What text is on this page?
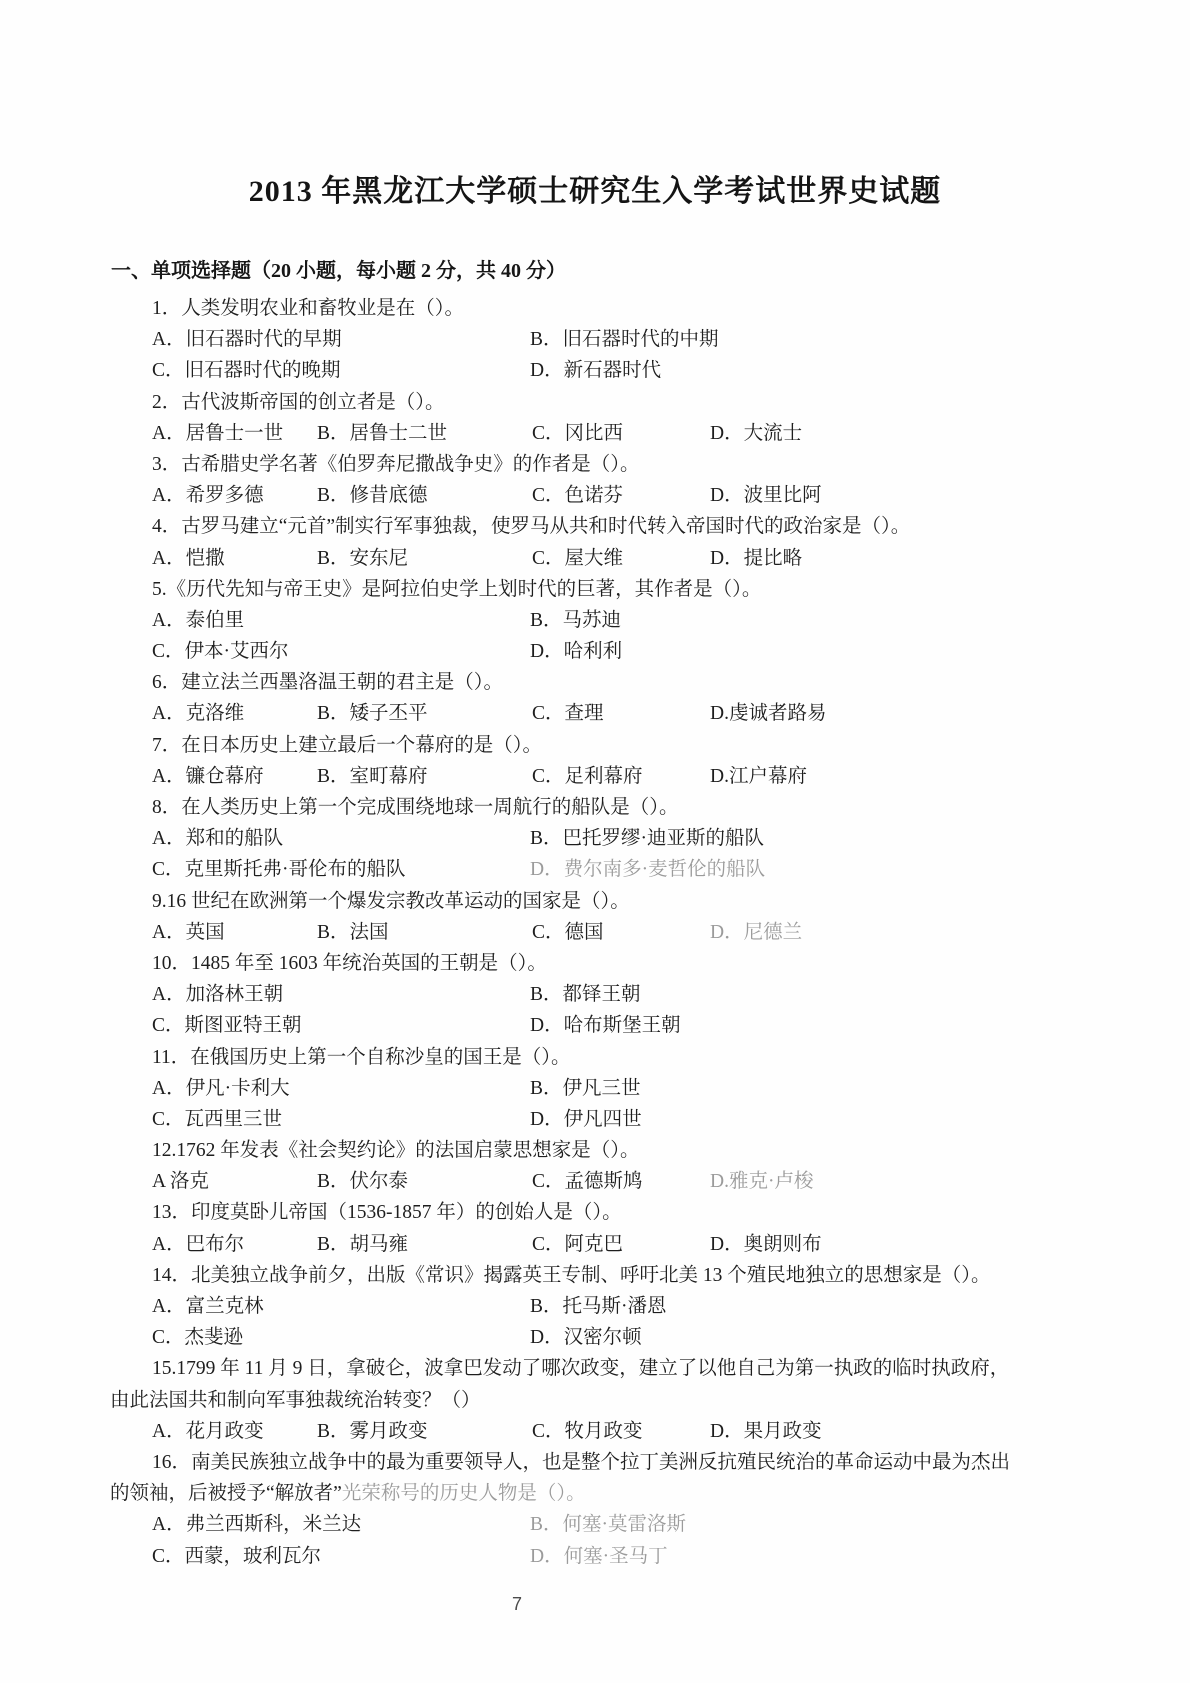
2013 年黑龙江大学硕士研究生入学考试世界史试题
一、单项选择题（20 小题，每小题 2 分，共 40 分）
1．人类发明农业和畜牧业是在（）。
A．旧石器时代的早期	B．旧石器时代的中期
C．旧石器时代的晚期	D．新石器时代
2．古代波斯帝国的创立者是（）。
A．居鲁士一世 B．居鲁士二世	C．冈比西	D．大流士
3．古希腊史学名著《伯罗奔尼撒战争史》的作者是（）。
A．希罗多德	B．修昔底德	C．色诺芬	D．波里比阿
4．古罗马建立“元首”制实行军事独裁，使罗马从共和时代转入帝国时代的政治家是（）。
A．恺撒	B．安东尼	C．屋大维	D．提比略
5.《历代先知与帝王史》是阿拉伯史学上划时代的巨著，其作者是（）。
A．泰伯里	B．马苏迪
C．伊本·艾西尔	D．哈利利
6．建立法兰西墨洛温王朝的君主是（）。
A．克洛维	B．矮子丕平	C．查理	D.虔诚者路易
7．在日本历史上建立最后一个幕府的是（）。
A．镰仓幕府	B．室町幕府	C．足利幕府	D.江户幕府
8．在人类历史上第一个完成围绕地球一周航行的船队是（）。
A．郑和的船队	B．巴托罗缪·迪亚斯的船队
C．克里斯托弗·哥伦布的船队	D．费尔南多·麦哲伦的船队
9.16 世纪在欧洲第一个爆发宗教改革运动的国家是（）。
A．英国	B．法国	C．德国	D．尼德兰
10．1485 年至 1603 年统治英国的王朝是（）。
A．加洛林王朝	B．都铎王朝
C．斯图亚特王朝	D．哈布斯堡王朝
11．在俄国历史上第一个自称沙皇的国王是（）。
A．伊凡·卡利大	B．伊凡三世
C．瓦西里三世	D．伊凡四世
12.1762 年发表《社会契约论》的法国启蒙思想家是（）。
A 洛克	B．伏尔泰	C．孟德斯鸠	D.雅克·卢梭
13．印度莫卧儿帝国（1536-1857 年）的创始人是（）。
A．巴布尔	B．胡马雍	C．阿克巴	D．奥朗则布
14．北美独立战争前夕，出版《常识》揭露英王专制、呼吁北美 13 个殖民地独立的思想家是（）。
A．富兰克林	B．托马斯·潘恩
C．杰斐逊	D．汉密尔顿
15.1799 年 11 月 9 日，拿破仑，波拿巴发动了哪次政变，建立了以他自己为第一执政的临时执政府，
由此法国共和制向军事独裁统治转变？（）
A．花月政变	B．雾月政变	C．牧月政变	D．果月政变
16．南美民族独立战争中的最为重要领导人，也是整个拉丁美洲反抗殖民统治的革命运动中最为杰出
的领袖，后被授予“解放者”光荣称号的历史人物是（）。
A．弗兰西斯科，米兰达	B．何塞·莫雷洛斯
C．西蒙，玻利瓦尔	D．何塞·圣马丁
7
